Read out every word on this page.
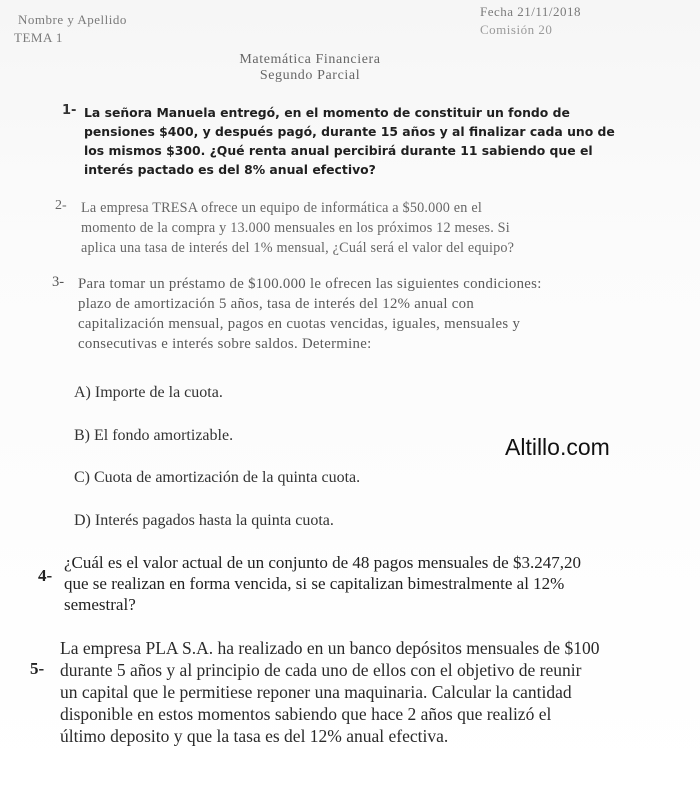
Nombre y Apellido
TEMA 1
Fecha 21/11/2018
Comisión 20
Matemática Financiera
Segundo Parcial
1- La señora Manuela entregó, en el momento de constituir un fondo de
pensiones $400, y después pagó, durante 15 años y al finalizar cada uno de
los mismos $300. ¿Qué renta anual percibirá durante 11 sabiendo que el
interés pactado es del 8% anual efectivo?
2- La empresa TRESA ofrece un equipo de informática a $50.000 en el
momento de la compra y 13.000 mensuales en los próximos 12 meses. Si
aplica una tasa de interés del 1% mensual, ¿Cuál será el valor del equipo?
3- Para tomar un préstamo de $100.000 le ofrecen las siguientes condiciones:
plazo de amortización 5 años, tasa de interés del 12% anual con
capitalización mensual, pagos en cuotas vencidas, iguales, mensuales y
consecutivas e interés sobre saldos. Determine:
A) Importe de la cuota.
B) El fondo amortizable.
C) Cuota de amortización de la quinta cuota.
D) Interés pagados hasta la quinta cuota.
Altillo.com
4-
¿Cuál es el valor actual de un conjunto de 48 pagos mensuales de $3.247,20
que se realizan en forma vencida, si se capitalizan bimestralmente al 12%
semestral?
5-
La empresa PLA S.A. ha realizado en un banco depósitos mensuales de $100
durante 5 años y al principio de cada uno de ellos con el objetivo de reunir
un capital que le permitiese reponer una maquinaria. Calcular la cantidad
disponible en estos momentos sabiendo que hace 2 años que realizó el
último deposito y que la tasa es del 12% anual efectiva.
